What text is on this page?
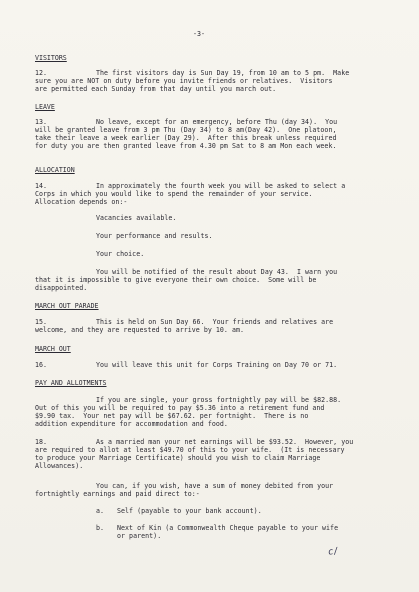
-3-
VISITORS
12.	The first visitors day is Sun Day 19, from 10 am to 5 pm.  Make
sure you are NOT on duty before you invite friends or relatives.  Visitors
are permitted each Sunday from that day until you march out.
LEAVE
13.	No leave, except for an emergency, before Thu (day 34).  You
will be granted leave from 3 pm Thu (Day 34) to 8 am(Day 42).  One platoon,
take their leave a week earlier (Day 29).  After this break unless required
for duty you are then granted leave from 4.30 pm Sat to 8 am Mon each week.
ALLOCATION
14.	In approximately the fourth week you will be asked to select a
Corps in which you would like to spend the remainder of your service.
Allocation depends on:-
Vacancies available.
Your performance and results.
Your choice.
You will be notified of the result about Day 43.  I warn you
that it is impossible to give everyone their own choice.  Some will be
disappointed.
MARCH OUT PARADE
15.	This is held on Sun Day 66.  Your friends and relatives are
welcome, and they are requested to arrive by 10. am.
MARCH OUT
16.	You will leave this unit for Corps Training on Day 70 or 71.
PAY AND ALLOTMENTS
If you are single, your gross fortnightly pay will be $82.88.
Out of this you will be required to pay $5.36 into a retirement fund and
$9.90 tax.  Your net pay will be $67.62. per fortnight.  There is no
addition expenditure for accommodation and food.
18.	As a married man your net earnings will be $93.52.  However, you
are required to allot at least $49.70 of this to your wife.  (It is necessary
to produce your Marriage Certificate) should you wish to claim Marriage
Allowances).
You can, if you wish, have a sum of money debited from your
fortnightly earnings and paid direct to:-
a. Self (payable to your bank account).
b. Next of Kin (a Commonwealth Cheque payable to your wife
or parent).
c/
